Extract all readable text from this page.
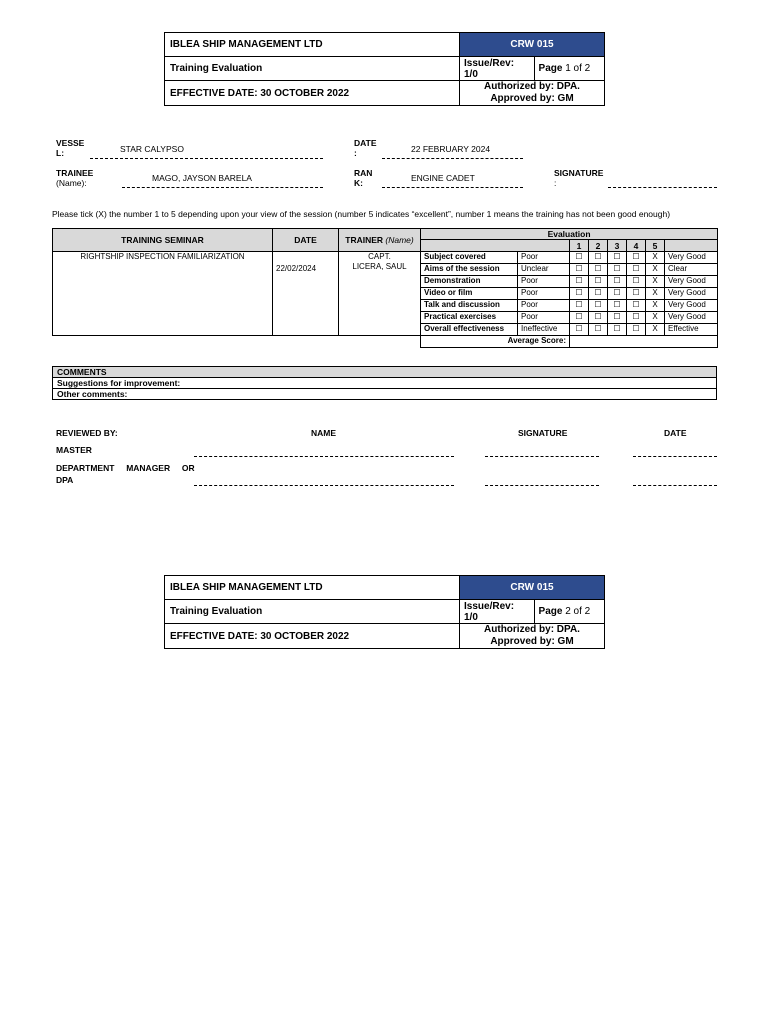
IBLEA SHIP MANAGEMENT LTD	CRW 015	
Training Evaluation	Issue/Rev: 1/0	Page 1 of 2
EFFECTIVE DATE: 30 OCTOBER 2022	Authorized by: DPA.
Approved by: GM	
VESSE
L:	STAR CALYPSO
DATE
:	22 FEBRUARY 2024
TRAINEE
(Name):	MAGO, JAYSON BARELA	RAN
K:	ENGINE CADET	SIGNATURE
:
Please tick (X) the number 1 to 5 depending upon your view of the session (number 5 indicates “excellent”, number 1 means the training has not been good enough)
TRAINING SEMINAR	DATE	TRAINER (Name)	Evaluation							
					1	2	3	4	5	
RIGHTSHIP INSPECTION FAMILIARIZATION	22/02/2024	CAPT.
LICERA, SAUL	Subject covered	Poor	☐	☐	☐	☐	X	Very Good
			Aims of the session	Unclear	☐	☐	☐	☐	X	Clear
			Demonstration	Poor	☐	☐	☐	☐	X	Very Good
			Video or film	Poor	☐	☐	☐	☐	X	Very Good
			Talk and discussion	Poor	☐	☐	☐	☐	X	Very Good
			Practical exercises	Poor	☐	☐	☐	☐	X	Very Good
			Overall effectiveness	Ineffective	☐	☐	☐	☐	X	Effective
			Average Score:							
COMMENTS
Suggestions for improvement:
Other comments:
REVIEWED BY:	NAME	SIGNATURE	DATE
MASTER
DEPARTMENT     MANAGER     OR
DPA
IBLEA SHIP MANAGEMENT LTD	CRW 015	
Training Evaluation	Issue/Rev: 1/0	Page 2 of 2
EFFECTIVE DATE: 30 OCTOBER 2022	Authorized by: DPA.
Approved by: GM	
